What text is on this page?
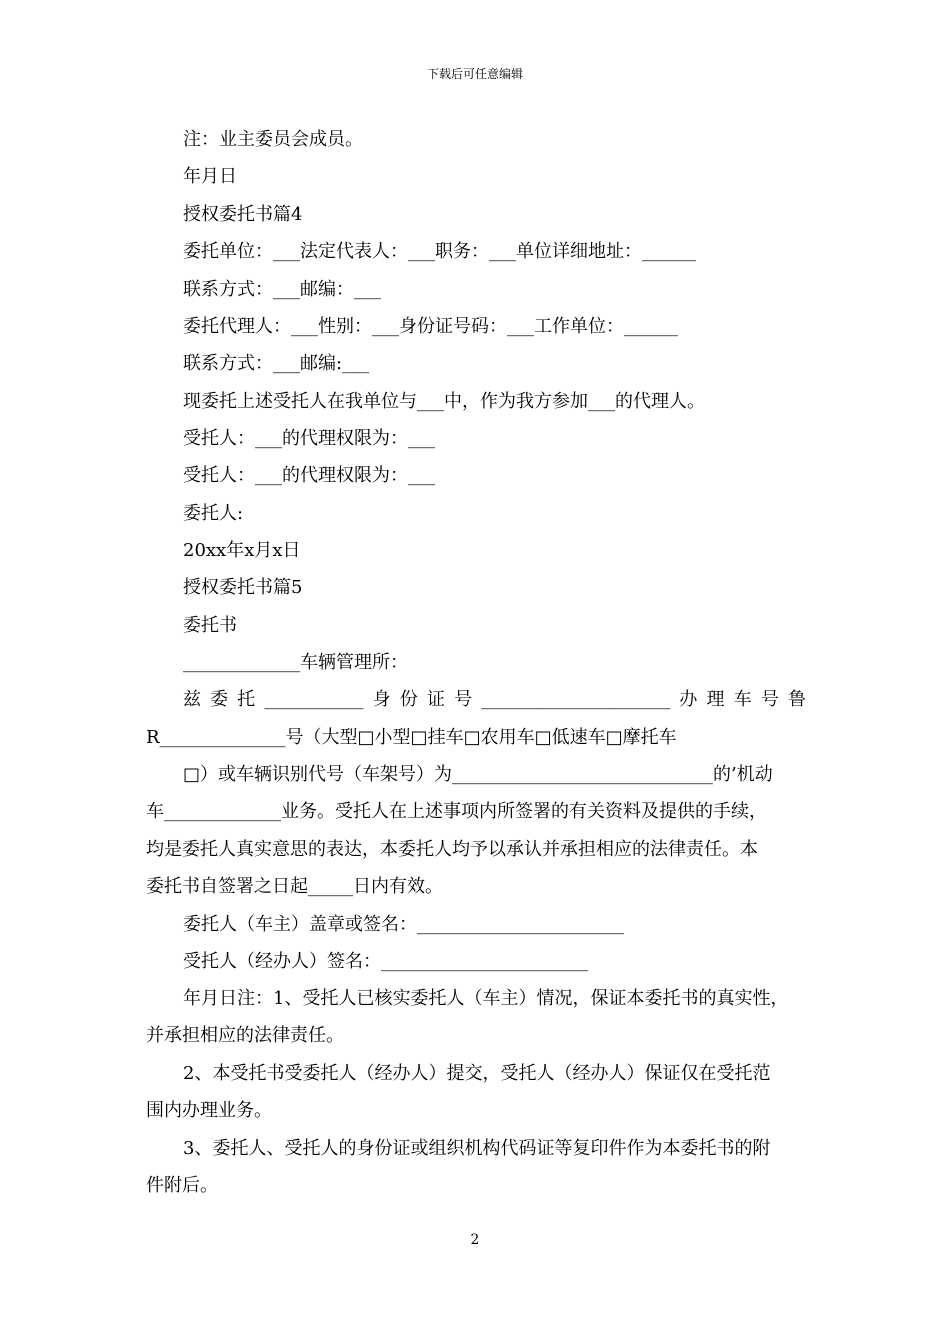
下载后可任意编辑
注：业主委员会成员。
年月日
授权委托书篇4
委托单位：___法定代表人：___职务：___单位详细地址：______
联系方式：___邮编：___
委托代理人：___性别：___身份证号码：___工作单位：______
联系方式：___邮编:___
现委托上述受托人在我单位与___中，作为我方参加___的代理人。
受托人：___的代理权限为：___
受托人：___的代理权限为：___
委托人:
20xx年x月x日
授权委托书篇5
委托书
_____________车辆管理所：
兹委托___________身份证号_____________________办理车号鲁
R______________号（大型□小型□挂车□农用车□低速车□摩托车
□）或车辆识别代号（车架号）为_____________________________的’机动
车_____________业务。受托人在上述事项内所签署的有关资料及提供的手续，
均是委托人真实意思的表达，本委托人均予以承认并承担相应的法律责任。本
委托书自签署之日起_____日内有效。
委托人（车主）盖章或签名：_______________________
受托人（经办人）签名：_______________________
年月日注：1、受托人已核实委托人（车主）情况，保证本委托书的真实性，
并承担相应的法律责任。
2、本受托书受委托人（经办人）提交，受托人（经办人）保证仅在受托范
围内办理业务。
3、委托人、受托人的身份证或组织机构代码证等复印件作为本委托书的附
件附后。
2
